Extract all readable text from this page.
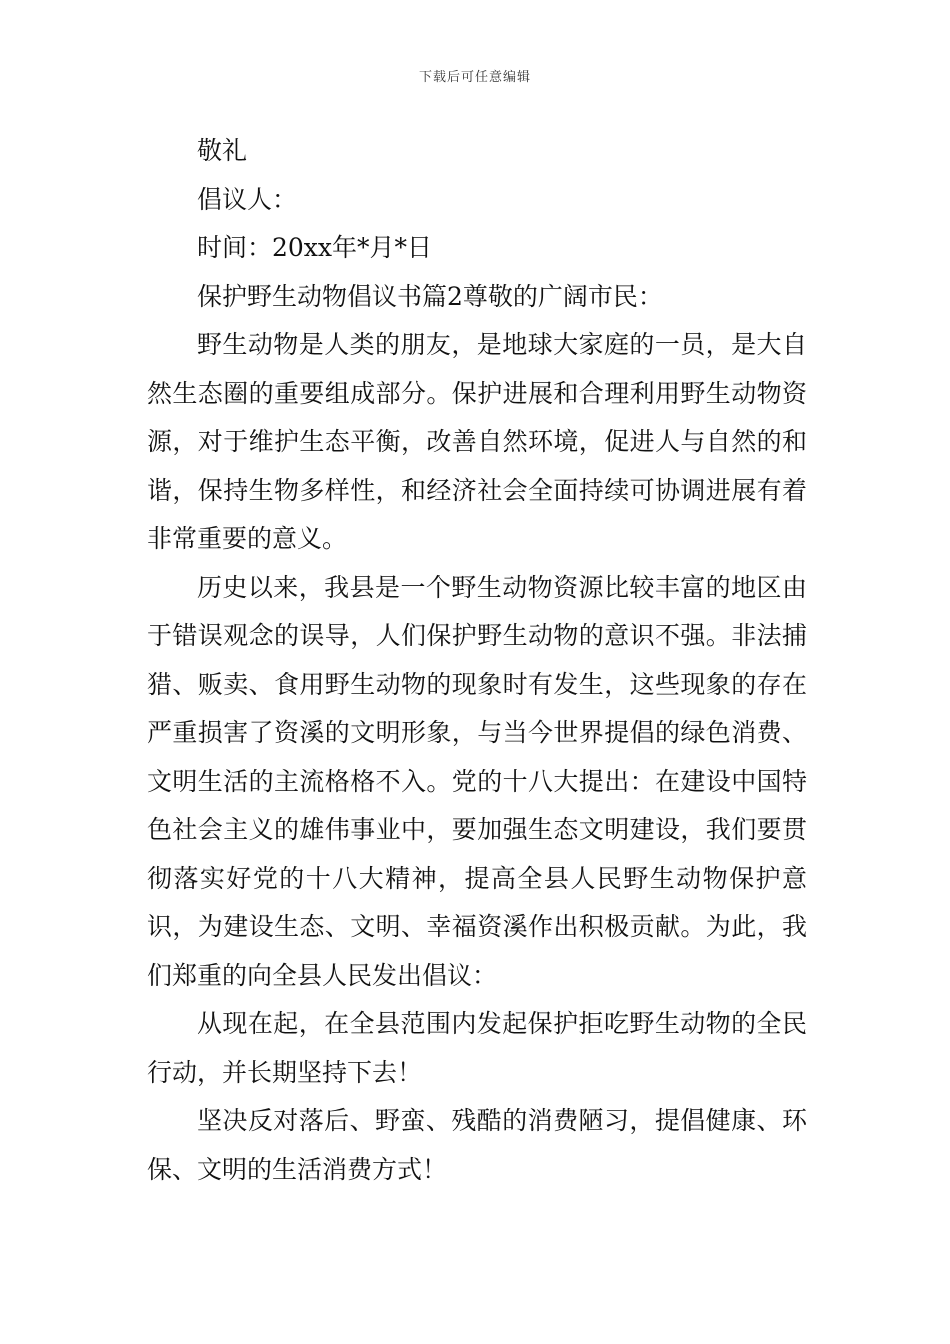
下载后可任意编辑

敬礼

倡议人：

时间：20xx年*月*日

保护野生动物倡议书篇2尊敬的广阔市民：

野生动物是人类的朋友，是地球大家庭的一员，是大自然生态圈的重要组成部分。保护进展和合理利用野生动物资源，对于维护生态平衡，改善自然环境，促进人与自然的和谐，保持生物多样性，和经济社会全面持续可协调进展有着非常重要的意义。

历史以来，我县是一个野生动物资源比较丰富的地区由于错误观念的误导，人们保护野生动物的意识不强。非法捕猎、贩卖、食用野生动物的现象时有发生，这些现象的存在严重损害了资溪的文明形象，与当今世界提倡的绿色消费、文明生活的主流格格不入。党的十八大提出：在建设中国特色社会主义的雄伟事业中，要加强生态文明建设，我们要贯彻落实好党的十八大精神，提高全县人民野生动物保护意识，为建设生态、文明、幸福资溪作出积极贡献。为此，我们郑重的向全县人民发出倡议：

从现在起，在全县范围内发起保护拒吃野生动物的全民行动，并长期坚持下去！

坚决反对落后、野蛮、残酷的消费陋习，提倡健康、环保、文明的生活消费方式！
